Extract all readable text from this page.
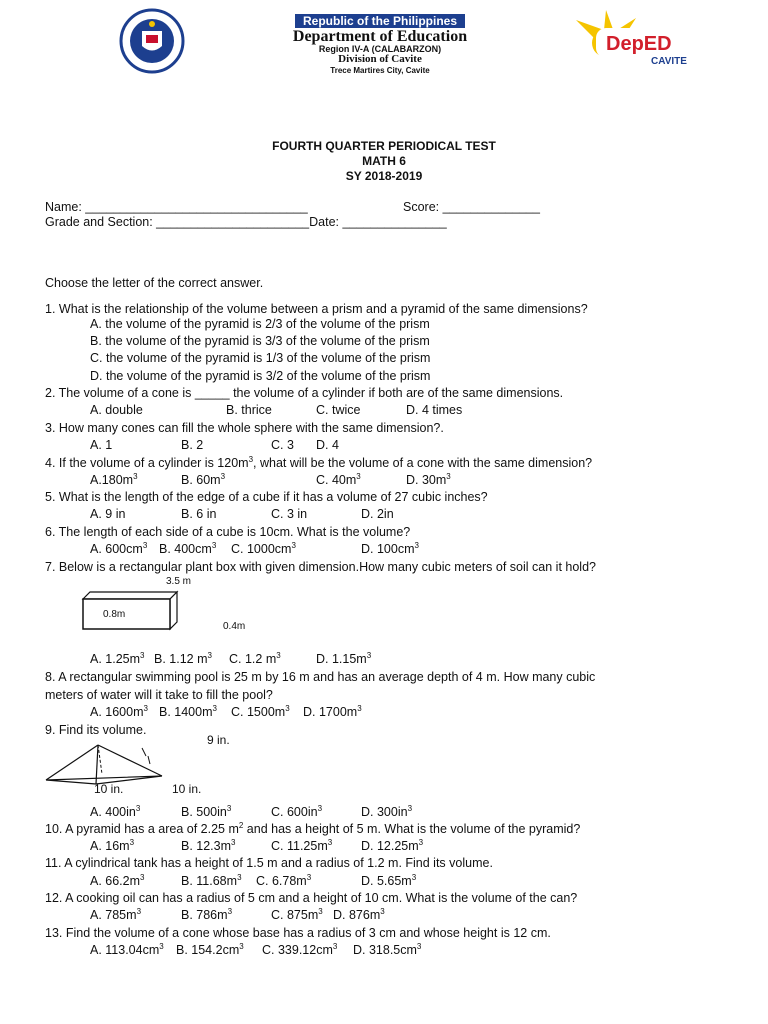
Republic of the Philippines
Department of Education
Region IV-A (CALABARZON)
Division of Cavite
Trece Martires City, Cavite
DepED
CAVITE
FOURTH QUARTER PERIODICAL TEST
MATH 6
SY 2018-2019
Name: ________________________________	Score: ______________
Grade and Section: ______________________Date: _______________
Choose the letter of the correct answer.
1. What is the relationship of the volume between a prism and a pyramid of the same dimensions?
A. the volume of the pyramid is 2/3 of the volume of the prism
B. the volume of the pyramid is 3/3 of the volume of the prism
C. the volume of the pyramid is 1/3 of the volume of the prism
D. the volume of the pyramid is 3/2 of the volume of the prism
2. The volume of a cone is _____ the volume of a cylinder if both are of the same dimensions.
A. double	B. thrice	C. twice	D. 4 times
3. How many cones can fill the whole sphere with the same dimension?.
A. 1	B. 2	C. 3 D. 4
4. If the volume of a cylinder is $120m^3$, what will be the volume of a cone with the same dimension?
$A.180m^3$	B. $60m^3$	C. $40m^3$	D. $30m^3$
5. What is the length of the edge of a cube if it has a volume of 27 cubic inches?
A. 9 in	B. 6 in	C. 3 in	D. 2in
6. The length of each side of a cube is 10cm. What is the volume?
A. $600cm^3$ B. $400cm^3$ C. $1000cm^3$	D. $100cm^3$
7. Below is a rectangular plant box with given dimension.How many cubic meters of soil can it hold?
3.5 m
0.8m
0.4m
A. $1.25m^3$ B. 1.12 $m^3$ C. 1.2 $m^3$	D. $1.15m^3$
8. A rectangular swimming pool is 25 m by 16 m and has an average depth of 4 m. How many cubic
meters of water will it take to fill the pool?
A. $1600m^3$ B. $1400m^3$ C. $1500m^3$ D. $1700m^3$
9. Find its volume.
9 in.
10 in.	10 in.
A. $400in^3$	B. $500in^3$	C. $600in^3$	D. $300in^3$
10. A pyramid has a area of 2.25 $m^2$ and has a height of 5 m. What is the volume of the pyramid?
A. $16m^3$	B. $12.3m^3$	C. $11.25m^3$ D. $12.25m^3$
11. A cylindrical tank has a height of 1.5 m and a radius of 1.2 m. Find its volume.
A. $66.2m^3$	B. $11.68m^3$ C. $6.78m^3$	D. $5.65m^3$
12. A cooking oil can has a radius of 5 cm and a height of 10 cm. What is the volume of the can?
A. $785m^3$	B. $786m^3$	C. $875m^3$ D. $876m^3$
13. Find the volume of a cone whose base has a radius of 3 cm and whose height is 12 cm.
A. $113.04cm^3$ B. $154.2cm^3$ C. $339.12cm^3$ D. $318.5cm^3$
